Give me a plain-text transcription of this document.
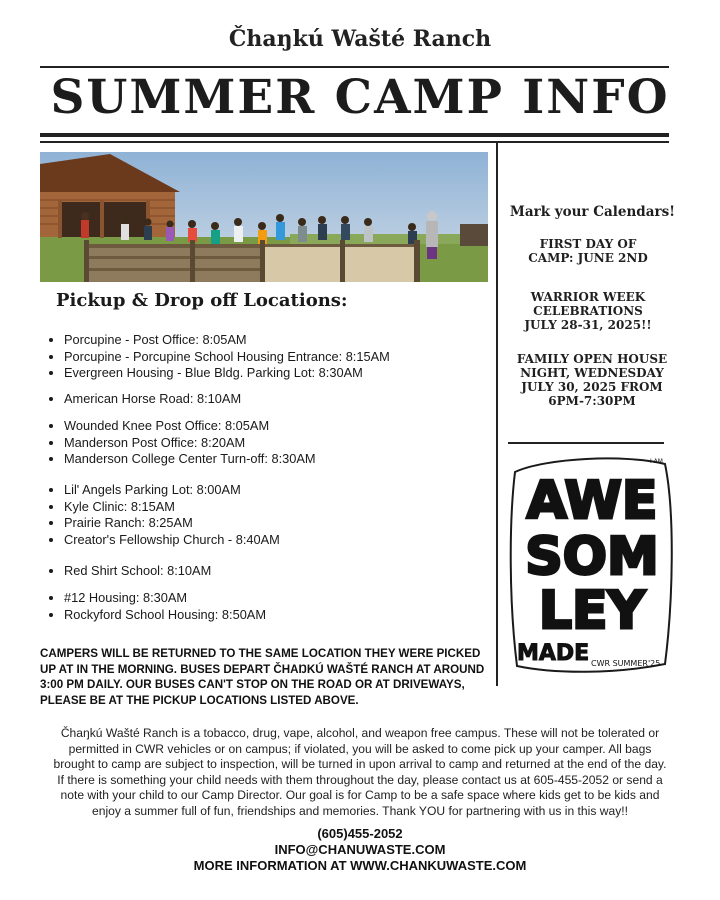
Čhaŋkú Wašté Ranch
SUMMER CAMP INFO
Mark your Calendars!
FIRST DAY OF CAMP: JUNE 2ND
WARRIOR WEEK CELEBRATIONS JULY 28-31, 2025!!
FAMILY OPEN HOUSE NIGHT, WEDNESDAY JULY 30, 2025 FROM 6PM-7:30PM
I AM
AWE
SOM
LEY
MADE CWR SUMMER'25
Pickup & Drop off Locations:
• Porcupine - Post Office: 8:05AM
• Porcupine - Porcupine School Housing Entrance: 8:15AM
• Evergreen Housing - Blue Bldg. Parking Lot: 8:30AM
• American Horse Road: 8:10AM
• Wounded Knee Post Office: 8:05AM
• Manderson Post Office: 8:20AM
• Manderson College Center Turn-off: 8:30AM
• Lil' Angels Parking Lot: 8:00AM
• Kyle Clinic: 8:15AM
• Prairie Ranch: 8:25AM
• Creator's Fellowship Church - 8:40AM
• Red Shirt School: 8:10AM
• #12 Housing: 8:30AM
• Rockyford School Housing: 8:50AM
CAMPERS WILL BE RETURNED TO THE SAME LOCATION THEY WERE PICKED UP AT IN THE MORNING. BUSES DEPART ČHAŊKÚ WAŠTÉ RANCH AT AROUND 3:00 PM DAILY. OUR BUSES CAN'T STOP ON THE ROAD OR AT DRIVEWAYS, PLEASE BE AT THE PICKUP LOCATIONS LISTED ABOVE.
Čhaŋkú Wašté Ranch is a tobacco, drug, vape, alcohol, and weapon free campus. These will not be tolerated or permitted in CWR vehicles or on campus; if violated, you will be asked to come pick up your camper. All bags brought to camp are subject to inspection, will be turned in upon arrival to camp and returned at the end of the day. If there is something your child needs with them throughout the day, please contact us at 605-455-2052 or send a note with your child to our Camp Director. Our goal is for Camp to be a safe space where kids get to be kids and enjoy a summer full of fun, friendships and memories. Thank YOU for partnering with us in this way!!
(605)455-2052
INFO@CHANUWASTE.COM
MORE INFORMATION AT WWW.CHANKUWASTE.COM
